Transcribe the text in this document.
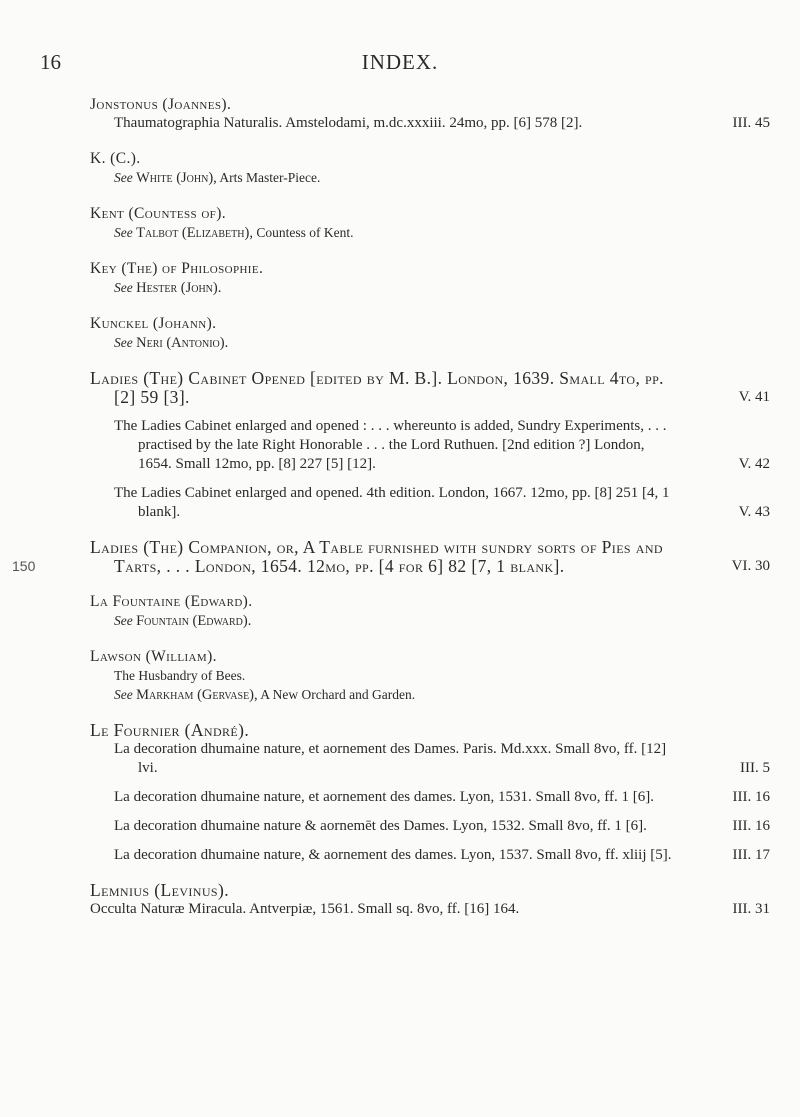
INDEX.
16
Jonstonus (Joannes).
Thaumatographia Naturalis. Amstelodami, m.dc.xxxiii. 24mo, pp. [6] 578 [2].	III. 45
K. (C.).
See White (John), Arts Master-Piece.
Kent (Countess of).
See Talbot (Elizabeth), Countess of Kent.
Key (The) of Philosophie.
See Hester (John).
Kunckel (Johann).
See Neri (Antonio).
Ladies (The) Cabinet Opened [edited by M. B.]. London, 1639. Small 4to, pp. [2] 59 [3].	V. 41
The Ladies Cabinet enlarged and opened : . . . whereunto is added, Sundry Experiments, . . . practised by the late Right Honorable . . . the Lord Ruthuen. [2nd edition ?] London, 1654. Small 12mo, pp. [8] 227 [5] [12].	V. 42
The Ladies Cabinet enlarged and opened. 4th edition. London, 1667. 12mo, pp. [8] 251 [4, 1 blank].	V. 43
Ladies (The) Companion, or, A Table furnished with sundry sorts of Pies and Tarts, . . . London, 1654. 12mo, pp. [4 for 6] 82 [7, 1 blank].	VI. 30
150
La Fountaine (Edward).
See Fountain (Edward).
Lawson (William).
The Husbandry of Bees.
See Markham (Gervase), A New Orchard and Garden.
Le Fournier (André).
La decoration dhumaine nature, et aornement des Dames. Paris. Md.xxx. Small 8vo, ff. [12] lvi.	III. 5
La decoration dhumaine nature, et aornement des dames. Lyon, 1531. Small 8vo, ff. 1 [6].	III. 16
La decoration dhumaine nature & aornemēt des Dames. Lyon, 1532. Small 8vo, ff. 1 [6].	III. 16
La decoration dhumaine nature, & aornement des dames. Lyon, 1537. Small 8vo, ff. xliij [5].	III. 17
Lemnius (Levinus).
Occulta Naturæ Miracula. Antverpiæ, 1561. Small sq. 8vo, ff. [16] 164.	III. 31
